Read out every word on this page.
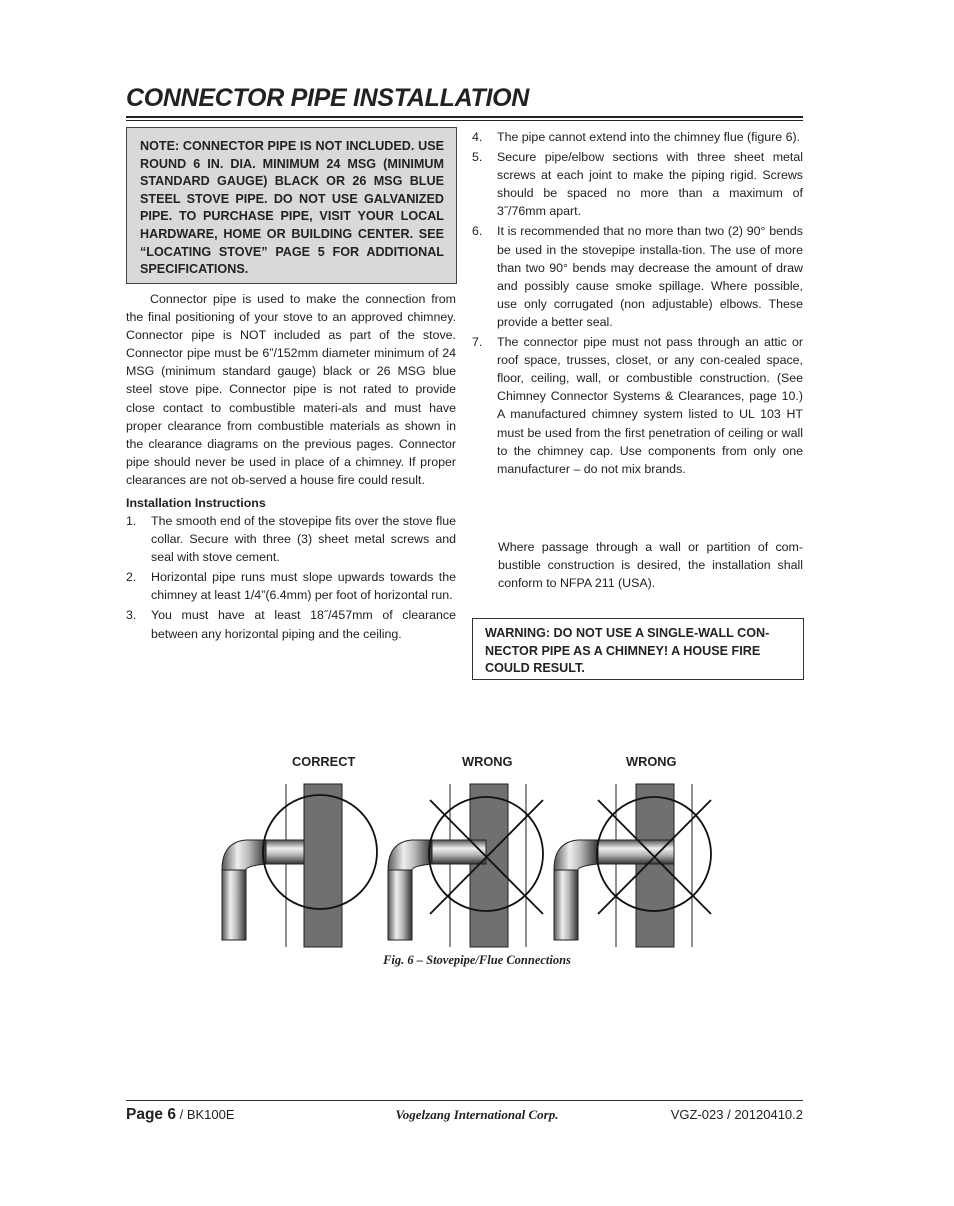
CONNECTOR PIPE INSTALLATION
NOTE: CONNECTOR PIPE IS NOT INCLUDED. USE ROUND 6 IN. DIA. MINIMUM 24 MSG (MINIMUM STANDARD GAUGE) BLACK OR 26 MSG BLUE STEEL STOVE PIPE. DO NOT USE GALVANIZED PIPE. TO PURCHASE PIPE, VISIT YOUR LOCAL HARDWARE, HOME OR BUILDING CENTER. SEE “LOCATING STOVE” PAGE 5 FOR ADDITIONAL SPECIFICATIONS.

Connector pipe is used to make the connection from the final positioning of your stove to an approved chimney. Connector pipe is NOT included as part of the stove. Connector pipe must be 6”/152mm diameter minimum of 24 MSG (minimum standard gauge) black or 26 MSG blue steel stove pipe. Connector pipe is not rated to provide close contact to combustible materi-als and must have proper clearance from combustible materials as shown in the clearance diagrams on the previous pages. Connector pipe should never be used in place of a chimney. If proper clearances are not ob-served a house fire could result.

Installation Instructions
1. The smooth end of the stovepipe fits over the stove flue collar. Secure with three (3) sheet metal screws and seal with stove cement.
2. Horizontal pipe runs must slope upwards towards the chimney at least 1/4”(6.4mm) per foot of horizontal run.
3. You must have at least 18˝/457mm of clearance between any horizontal piping and the ceiling.
4. The pipe cannot extend into the chimney flue (figure 6).
5. Secure pipe/elbow sections with three sheet metal screws at each joint to make the piping rigid. Screws should be spaced no more than a maximum of 3˝/76mm apart.
6. It is recommended that no more than two (2) 90° bends be used in the stovepipe installa-tion. The use of more than two 90° bends may decrease the amount of draw and possibly cause smoke spillage. Where possible, use only corrugated (non adjustable) elbows. These provide a better seal.
7. The connector pipe must not pass through an attic or roof space, trusses, closet, or any con-cealed space, floor, ceiling, wall, or combustible construction. (See Chimney Connector Systems & Clearances, page 10.) A manufactured chimney system listed to UL 103 HT must be used from the first penetration of ceiling or wall to the chimney cap. Use components from only one manufacturer – do not mix brands.

Where passage through a wall or partition of com-bustible construction is desired, the installation shall conform to NFPA 211 (USA).

WARNING: DO NOT USE A SINGLE-WALL CON-NECTOR PIPE AS A CHIMNEY! A HOUSE FIRE COULD RESULT.
CORRECT	WRONG	WRONG
Fig. 6 – Stovepipe/Flue Connections
Page 6 / BK100E	Vogelzang International Corp.	VGZ-023 / 20120410.2
